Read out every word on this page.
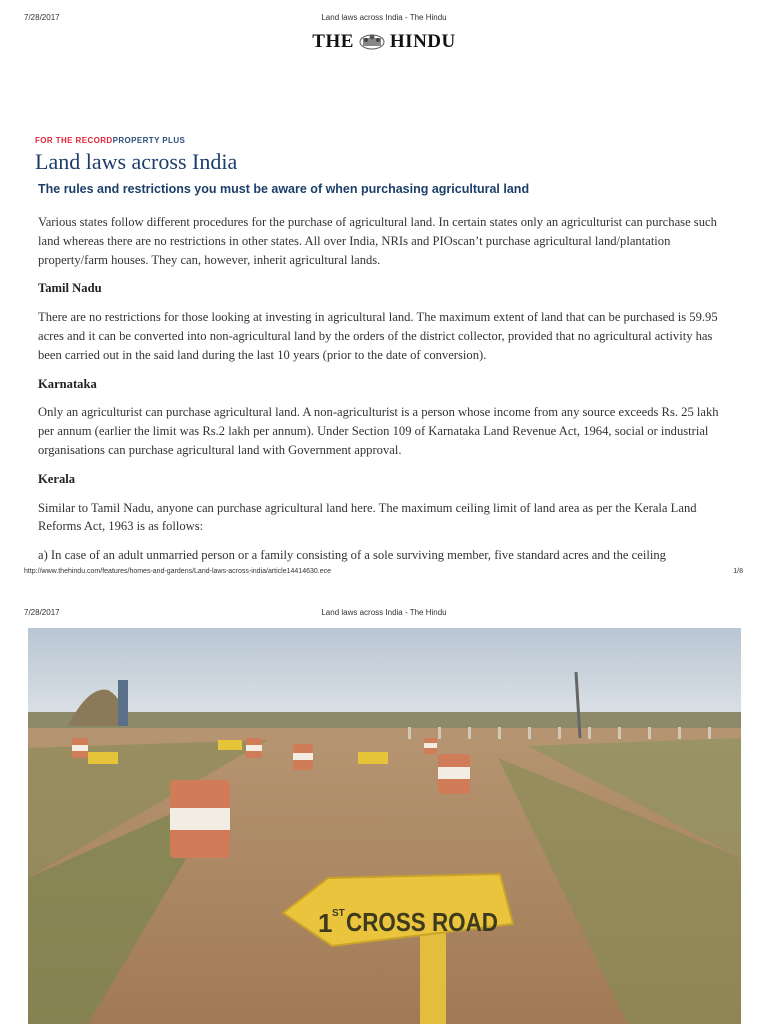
7/28/2017	Land laws across India - The Hindu
THE HINDU
FOR THE RECORDPROPERTY PLUS
Land laws across India
The rules and restrictions you must be aware of when purchasing agricultural land

Various states follow different procedures for the purchase of agricultural land. In certain states only an agriculturist can purchase such land whereas there are no restrictions in other states. All over India, NRIs and PIOscan’t purchase agricultural land/plantation property/farm houses. They can, however, inherit agricultural lands.

Tamil Nadu

There are no restrictions for those looking at investing in agricultural land. The maximum extent of land that can be purchased is 59.95 acres and it can be converted into non-agricultural land by the orders of the district collector, provided that no agricultural activity has been carried out in the said land during the last 10 years (prior to the date of conversion).

Karnataka

Only an agriculturist can purchase agricultural land. A non-agriculturist is a person whose income from any source exceeds Rs. 25 lakh per annum (earlier the limit was Rs.2 lakh per annum). Under Section 109 of Karnataka Land Revenue Act, 1964, social or industrial organisations can purchase agricultural land with Government approval.

Kerala

Similar to Tamil Nadu, anyone can purchase agricultural land here. The maximum ceiling limit of land area as per the Kerala Land Reforms Act, 1963 is as follows:

a) In case of an adult unmarried person or a family consisting of a sole surviving member, five standard acres and the ceiling

http://www.thehindu.com/features/homes-and-gardens/Land-laws-across-india/article14414630.ece	1/8
7/28/2017	Land laws across India - The Hindu
1 ST CROSS ROAD
